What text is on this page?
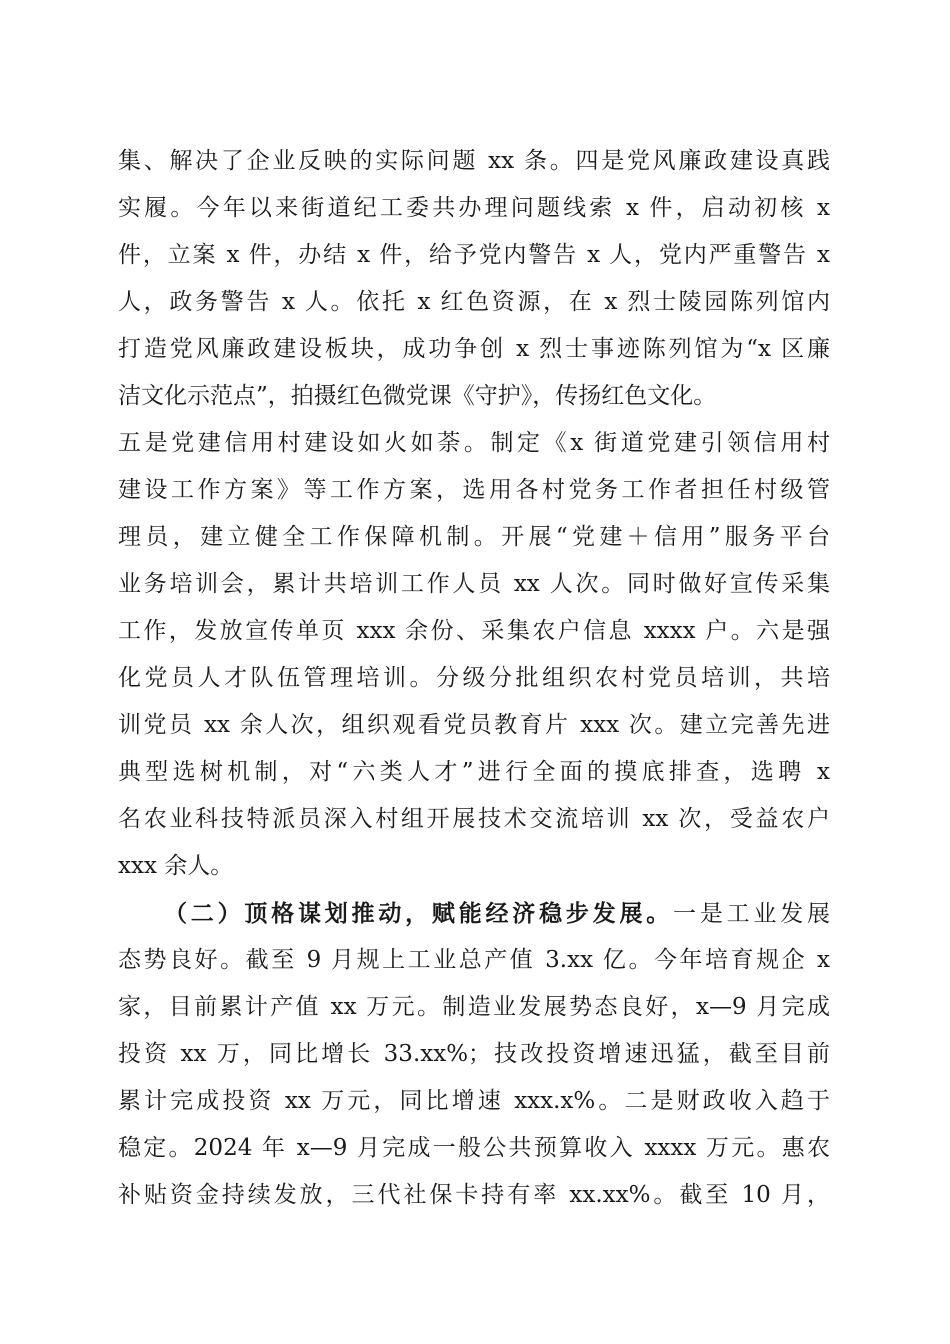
集、解决了企业反映的实际问题 xx 条。四是党风廉政建设真践
实履。今年以来街道纪工委共办理问题线索 x 件，启动初核 x
件，立案 x 件，办结 x 件，给予党内警告 x 人，党内严重警告 x
人，政务警告 x 人。依托 x 红色资源，在 x 烈士陵园陈列馆内
打造党风廉政建设板块，成功争创 x 烈士事迹陈列馆为“x 区廉
洁文化示范点”，拍摄红色微党课《守护》，传扬红色文化。
五是党建信用村建设如火如荼。制定《x 街道党建引领信用村
建设工作方案》等工作方案，选用各村党务工作者担任村级管
理员，建立健全工作保障机制。开展“党建＋信用”服务平台
业务培训会，累计共培训工作人员 xx 人次。同时做好宣传采集
工作，发放宣传单页 xxx 余份、采集农户信息 xxxx 户。六是强
化党员人才队伍管理培训。分级分批组织农村党员培训，共培
训党员 xx 余人次，组织观看党员教育片 xxx 次。建立完善先进
典型选树机制，对“六类人才”进行全面的摸底排查，选聘 x
名农业科技特派员深入村组开展技术交流培训 xx 次，受益农户
xxx 余人。
（二）顶格谋划推动，赋能经济稳步发展。一是工业发展
态势良好。截至 9 月规上工业总产值 3.xx 亿。今年培育规企 x
家，目前累计产值 xx 万元。制造业发展势态良好，x—9 月完成
投资 xx 万，同比增长 33.xx%；技改投资增速迅猛，截至目前
累计完成投资 xx 万元，同比增速 xxx.x%。二是财政收入趋于
稳定。2024 年 x—9 月完成一般公共预算收入 xxxx 万元。惠农
补贴资金持续发放，三代社保卡持有率 xx.xx%。截至 10 月，
